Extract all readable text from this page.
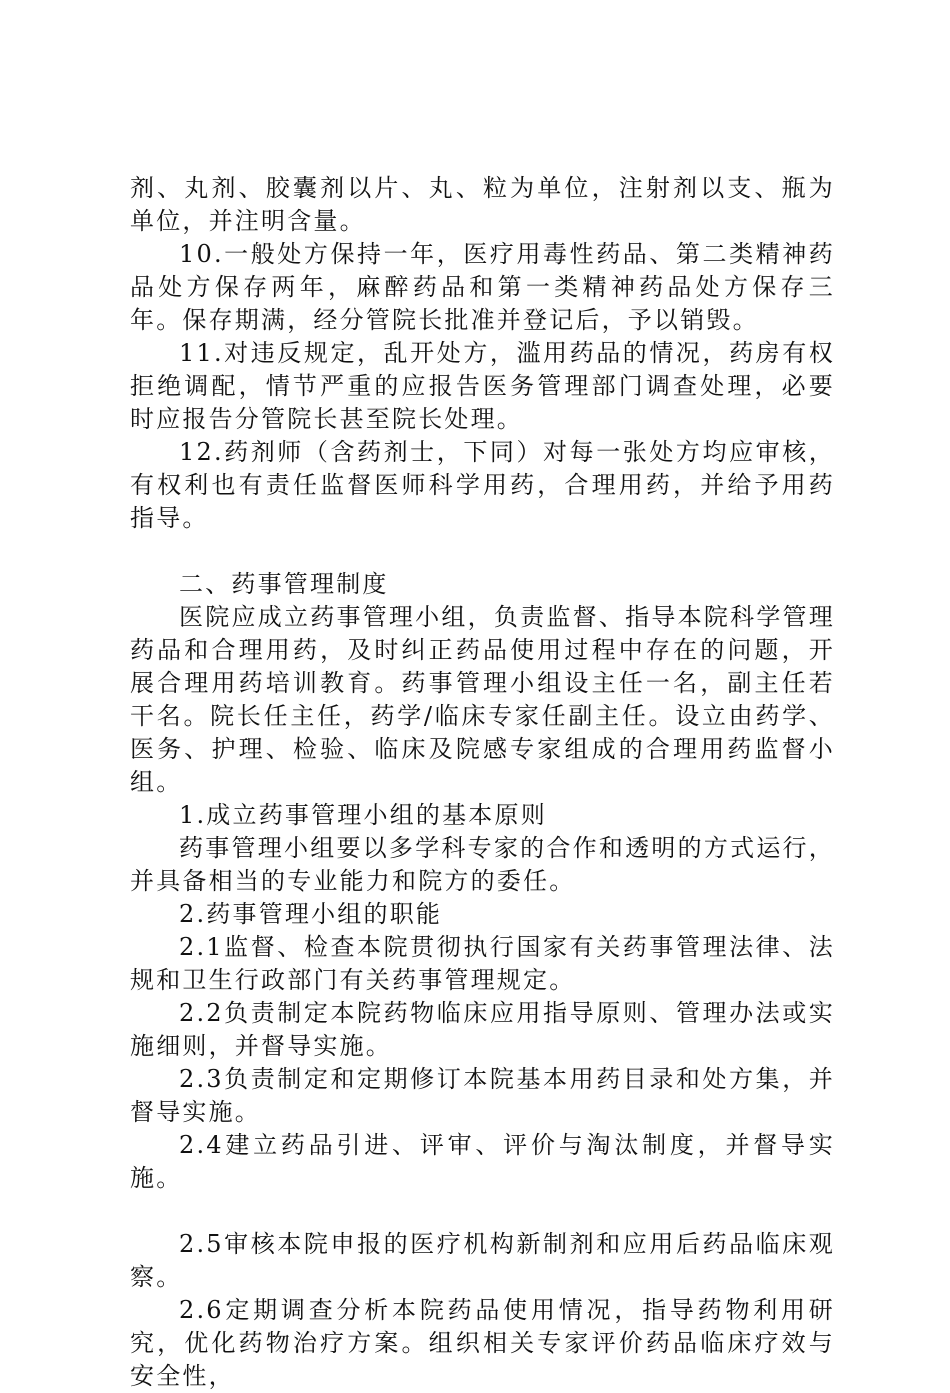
剂、丸剂、胶囊剂以片、丸、粒为单位，注射剂以支、瓶为单位，并注明含量。

10.一般处方保持一年，医疗用毒性药品、第二类精神药品处方保存两年，麻醉药品和第一类精神药品处方保存三年。保存期满，经分管院长批准并登记后，予以销毁。

11.对违反规定，乱开处方，滥用药品的情况，药房有权拒绝调配，情节严重的应报告医务管理部门调查处理，必要时应报告分管院长甚至院长处理。

12.药剂师（含药剂士，下同）对每一张处方均应审核，有权利也有责任监督医师科学用药，合理用药，并给予用药指导。

二、药事管理制度

医院应成立药事管理小组，负责监督、指导本院科学管理药品和合理用药，及时纠正药品使用过程中存在的问题，开展合理用药培训教育。药事管理小组设主任一名，副主任若干名。院长任主任，药学/临床专家任副主任。设立由药学、医务、护理、检验、临床及院感专家组成的合理用药监督小组。

1.成立药事管理小组的基本原则

药事管理小组要以多学科专家的合作和透明的方式运行，并具备相当的专业能力和院方的委任。

2.药事管理小组的职能

2.1监督、检查本院贯彻执行国家有关药事管理法律、法规和卫生行政部门有关药事管理规定。

2.2负责制定本院药物临床应用指导原则、管理办法或实施细则，并督导实施。

2.3负责制定和定期修订本院基本用药目录和处方集，并督导实施。

2.4建立药品引进、评审、评价与淘汰制度，并督导实施。

2.5审核本院申报的医疗机构新制剂和应用后药品临床观察。

2.6定期调查分析本院药品使用情况，指导药物利用研究，优化药物治疗方案。组织相关专家评价药品临床疗效与安全性，
